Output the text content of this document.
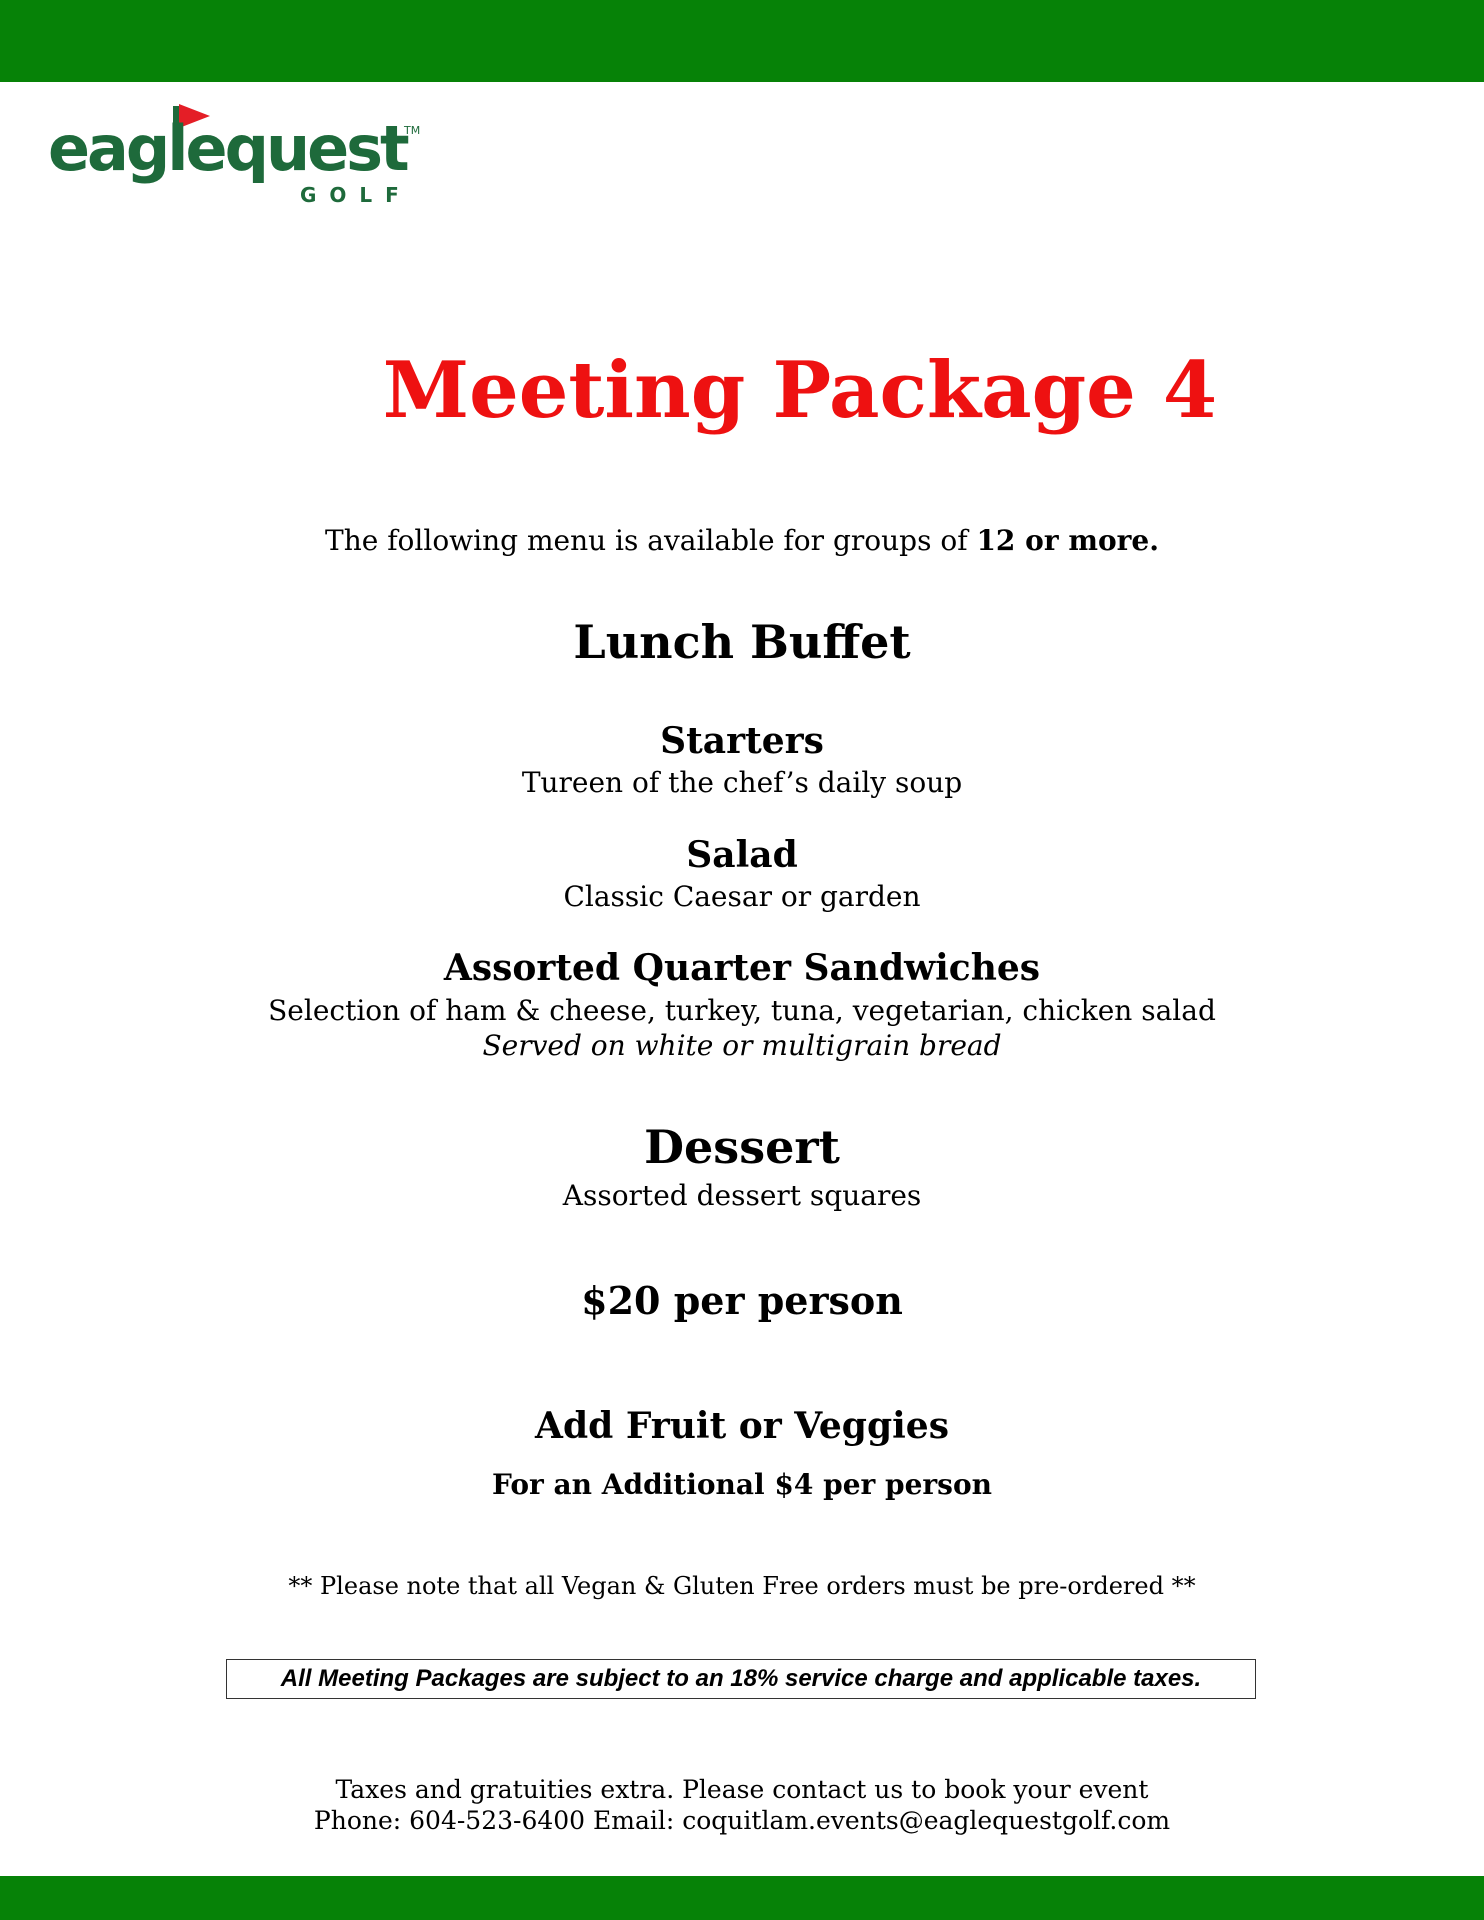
eaglequest
TM
GOLF
Meeting Package 4
The following menu is available for groups of 12 or more.
Lunch Buffet
Starters
Tureen of the chef’s daily soup
Salad
Classic Caesar or garden
Assorted Quarter Sandwiches
Selection of ham & cheese, turkey, tuna, vegetarian, chicken salad
Served on white or multigrain bread
Dessert
Assorted dessert squares
$20 per person
Add Fruit or Veggies
For an Additional $4 per person
** Please note that all Vegan & Gluten Free orders must be pre-ordered **
All Meeting Packages are subject to an 18% service charge and applicable taxes.
Taxes and gratuities extra. Please contact us to book your event
Phone: 604-523-6400 Email: coquitlam.events@eaglequestgolf.com
